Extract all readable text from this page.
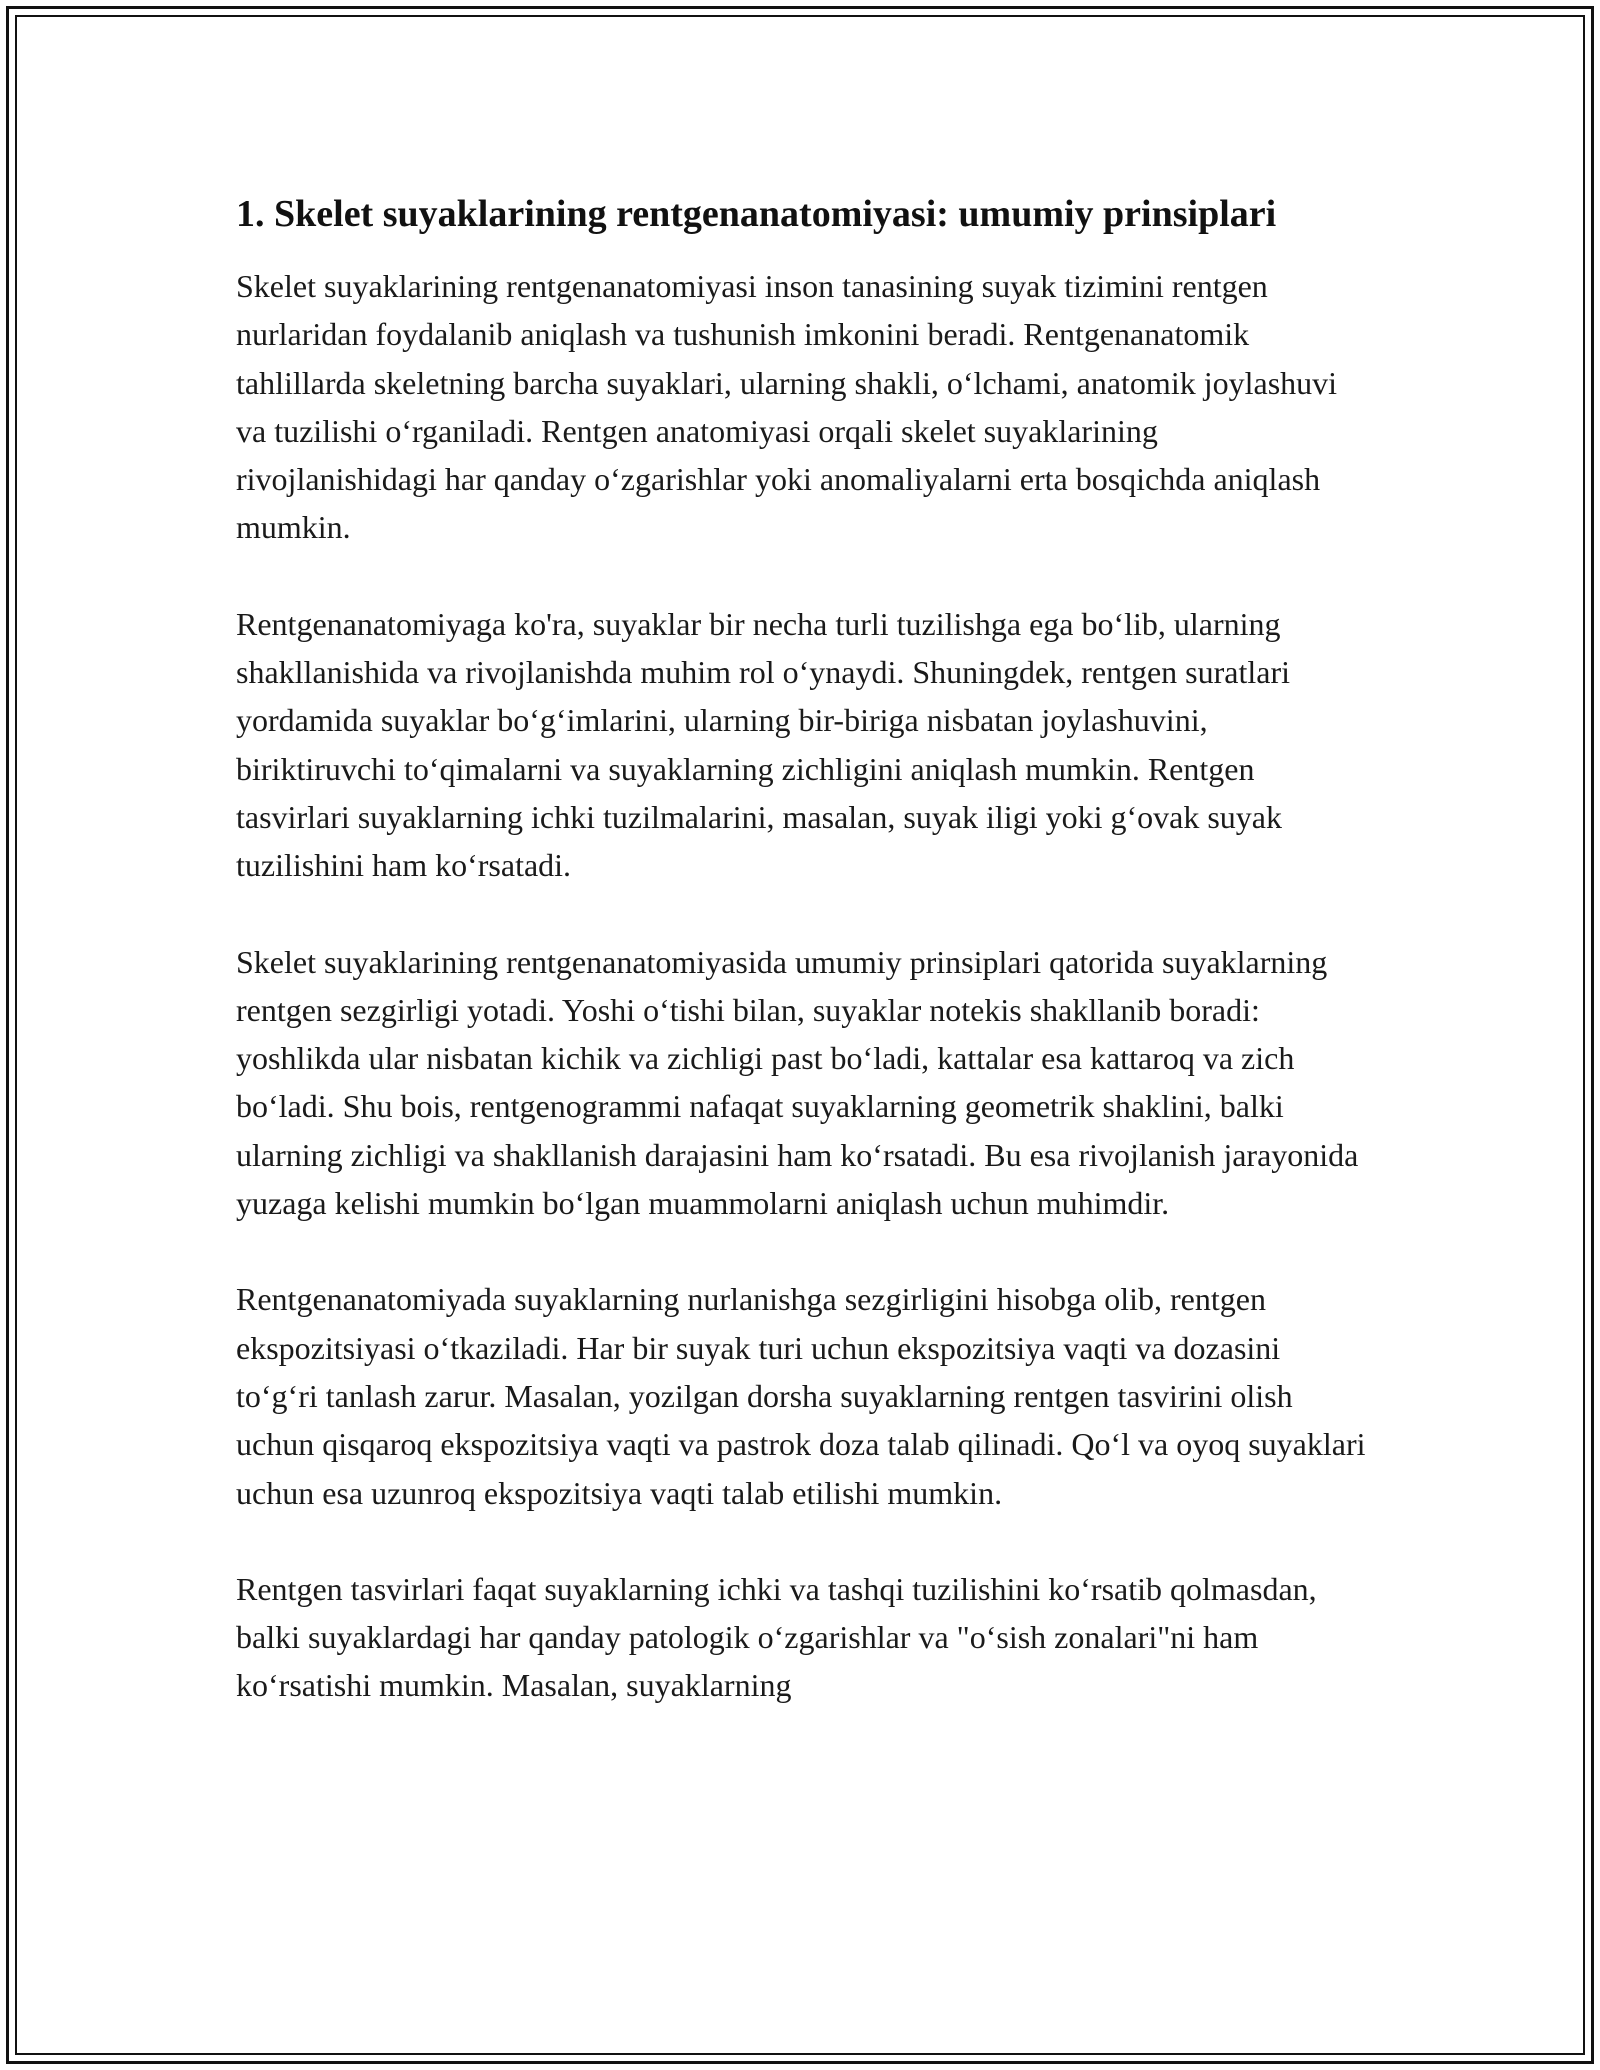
1. Skelet suyaklarining rentgenanatomiyasi: umumiy prinsiplari

Skelet suyaklarining rentgenanatomiyasi inson tanasining suyak tizimini rentgen nurlaridan foydalanib aniqlash va tushunish imkonini beradi. Rentgenanatomik tahlillarda skeletning barcha suyaklari, ularning shakli, o‘lchami, anatomik joylashuvi va tuzilishi o‘rganiladi. Rentgen anatomiyasi orqali skelet suyaklarining rivojlanishidagi har qanday o‘zgarishlar yoki anomaliyalarni erta bosqichda aniqlash mumkin.

Rentgenanatomiyaga ko'ra, suyaklar bir necha turli tuzilishga ega bo‘lib, ularning shakllanishida va rivojlanishda muhim rol o‘ynaydi. Shuningdek, rentgen suratlari yordamida suyaklar bo‘g‘imlarini, ularning bir-biriga nisbatan joylashuvini, biriktiruvchi to‘qimalarni va suyaklarning zichligini aniqlash mumkin. Rentgen tasvirlari suyaklarning ichki tuzilmalarini, masalan, suyak iligi yoki g‘ovak suyak tuzilishini ham ko‘rsatadi.

Skelet suyaklarining rentgenanatomiyasida umumiy prinsiplari qatorida suyaklarning rentgen sezgirligi yotadi. Yoshi o‘tishi bilan, suyaklar notekis shakllanib boradi: yoshlikda ular nisbatan kichik va zichligi past bo‘ladi, kattalar esa kattaroq va zich bo‘ladi. Shu bois, rentgenogrammi nafaqat suyaklarning geometrik shaklini, balki ularning zichligi va shakllanish darajasini ham ko‘rsatadi. Bu esa rivojlanish jarayonida yuzaga kelishi mumkin bo‘lgan muammolarni aniqlash uchun muhimdir.

Rentgenanatomiyada suyaklarning nurlanishga sezgirligini hisobga olib, rentgen ekspozitsiyasi o‘tkaziladi. Har bir suyak turi uchun ekspozitsiya vaqti va dozasini to‘g‘ri tanlash zarur. Masalan, yozilgan dorsha suyaklarning rentgen tasvirini olish uchun qisqaroq ekspozitsiya vaqti va pastrok doza talab qilinadi. Qo‘l va oyoq suyaklari uchun esa uzunroq ekspozitsiya vaqti talab etilishi mumkin.

Rentgen tasvirlari faqat suyaklarning ichki va tashqi tuzilishini ko‘rsatib qolmasdan, balki suyaklardagi har qanday patologik o‘zgarishlar va "o‘sish zonalari"ni ham ko‘rsatishi mumkin. Masalan, suyaklarning
